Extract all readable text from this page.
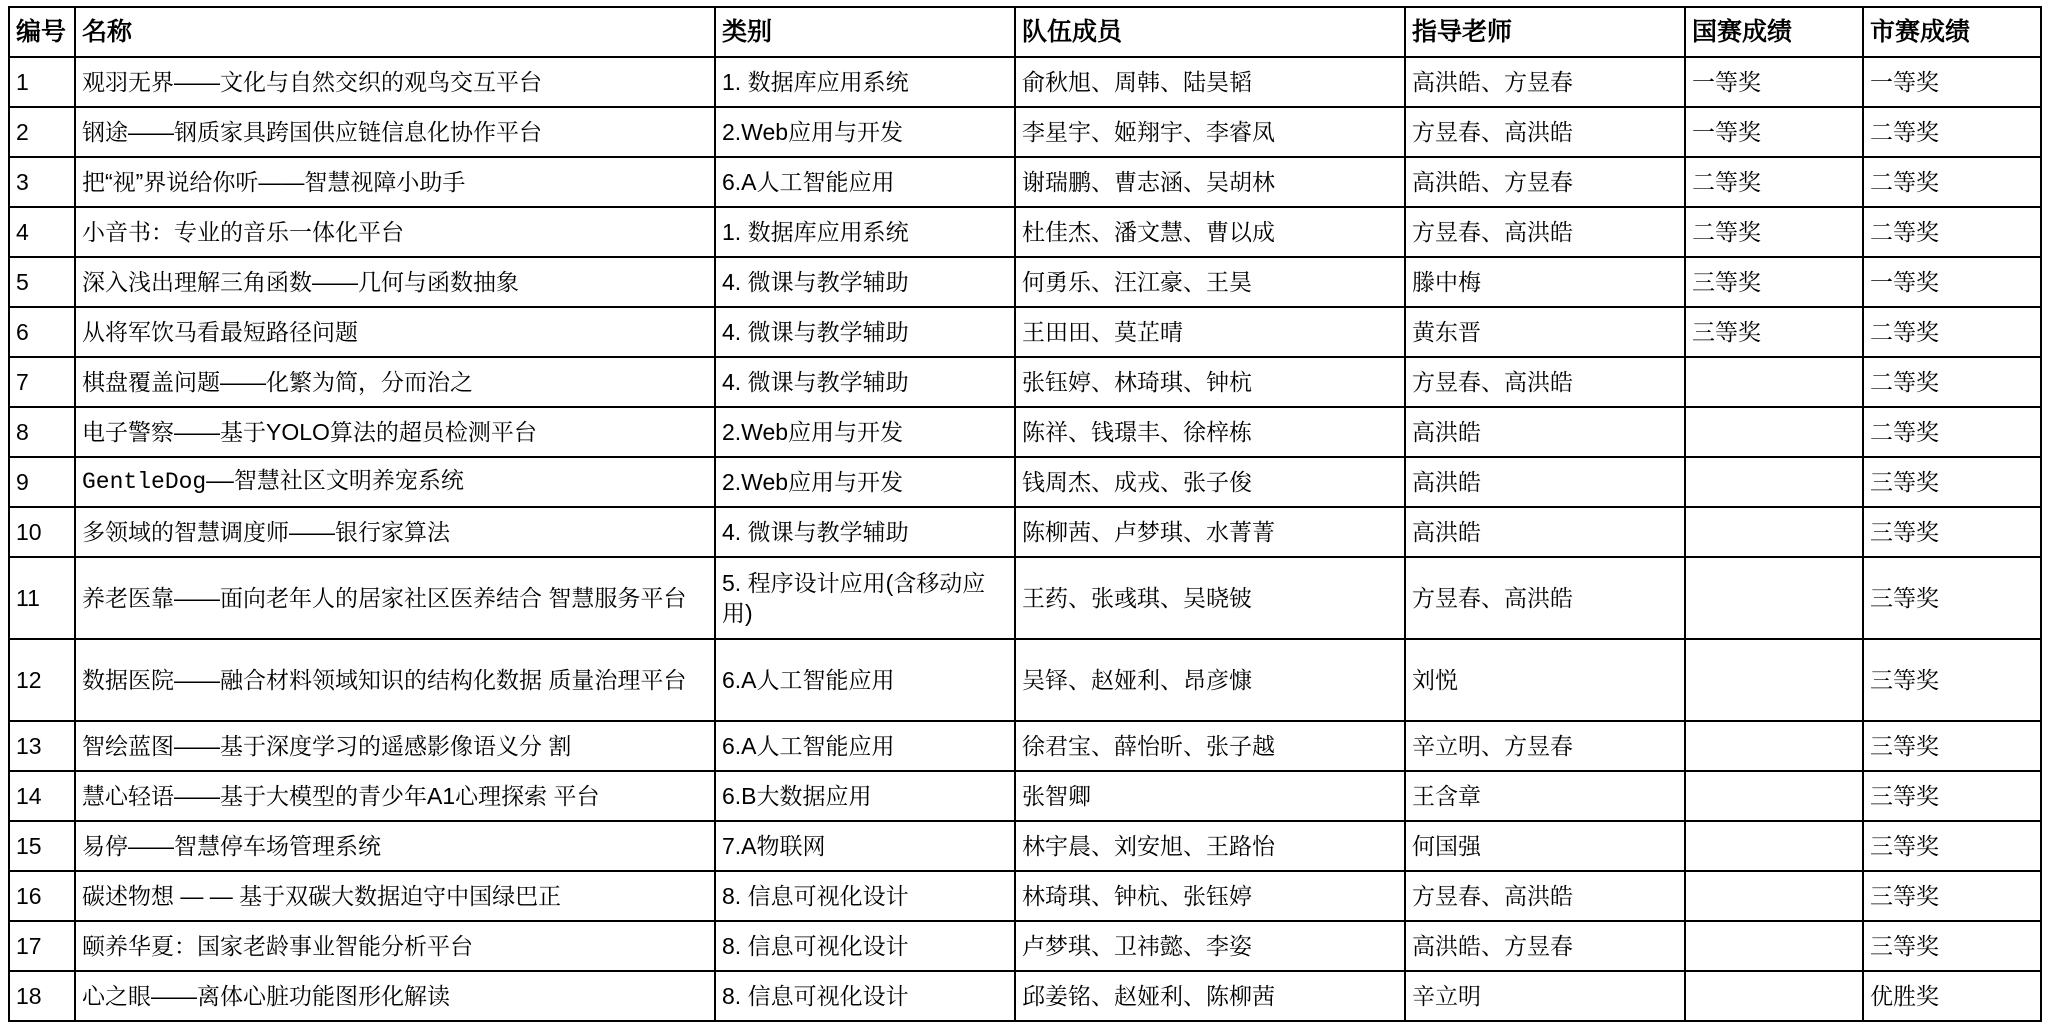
编号	名称	类别	队伍成员	指导老师	国赛成绩	市赛成绩
1	观羽无界——文化与自然交织的观鸟交互平台	1. 数据库应用系统	俞秋旭、周韩、陆昊韬	高洪皓、方昱春	一等奖	一等奖
2	钢途——钢质家具跨国供应链信息化协作平台	2.Web应用与开发	李星宇、姬翔宇、李睿凤	方昱春、高洪皓	一等奖	二等奖
3	把“视”界说给你听——智慧视障小助手	6.A人工智能应用	谢瑞鹏、曹志涵、吴胡林	高洪皓、方昱春	二等奖	二等奖
4	小音书：专业的音乐一体化平台	1. 数据库应用系统	杜佳杰、潘文慧、曹以成	方昱春、高洪皓	二等奖	二等奖
5	深入浅出理解三角函数——几何与函数抽象	4. 微课与教学辅助	何勇乐、汪江豪、王昊	滕中梅	三等奖	一等奖
6	从将军饮马看最短路径问题	4. 微课与教学辅助	王田田、莫芷晴	黄东晋	三等奖	二等奖
7	棋盘覆盖问题——化繁为简，分而治之	4. 微课与教学辅助	张钰婷、林琦琪、钟杭	方昱春、高洪皓		二等奖
8	电子警察——基于YOLO算法的超员检测平台	2.Web应用与开发	陈祥、钱璟丰、徐梓栋	高洪皓		二等奖
9	GentleDog——智慧社区文明养宠系统	2.Web应用与开发	钱周杰、成戎、张子俊	高洪皓		三等奖
10	多领域的智慧调度师——银行家算法	4. 微课与教学辅助	陈柳茜、卢梦琪、水菁菁	高洪皓		三等奖
11	养老医靠——面向老年人的居家社区医养结合 智慧服务平台	5. 程序设计应用(含移动应用)	王药、张彧琪、吴晓铍	方昱春、高洪皓		三等奖
12	数据医院——融合材料领域知识的结构化数据 质量治理平台	6.A人工智能应用	吴铎、赵娅利、昂彦慷	刘悦		三等奖
13	智绘蓝图——基于深度学习的遥感影像语义分 割	6.A人工智能应用	徐君宝、薛怡昕、张子越	辛立明、方昱春		三等奖
14	慧心轻语——基于大模型的青少年A1心理探索 平台	6.B大数据应用	张智卿	王含章		三等奖
15	易停——智慧停车场管理系统	7.A物联网	林宇晨、刘安旭、王路怡	何国强		三等奖
16	碳述物想 — — 基于双碳大数据迫守中国绿巴正	8. 信息可视化设计	林琦琪、钟杭、张钰婷	方昱春、高洪皓		三等奖
17	颐养华夏：国家老龄事业智能分析平台	8. 信息可视化设计	卢梦琪、卫祎懿、李姿	高洪皓、方昱春		三等奖
18	心之眼——离体心脏功能图形化解读	8. 信息可视化设计	邱姜铭、赵娅利、陈柳茜	辛立明		优胜奖
